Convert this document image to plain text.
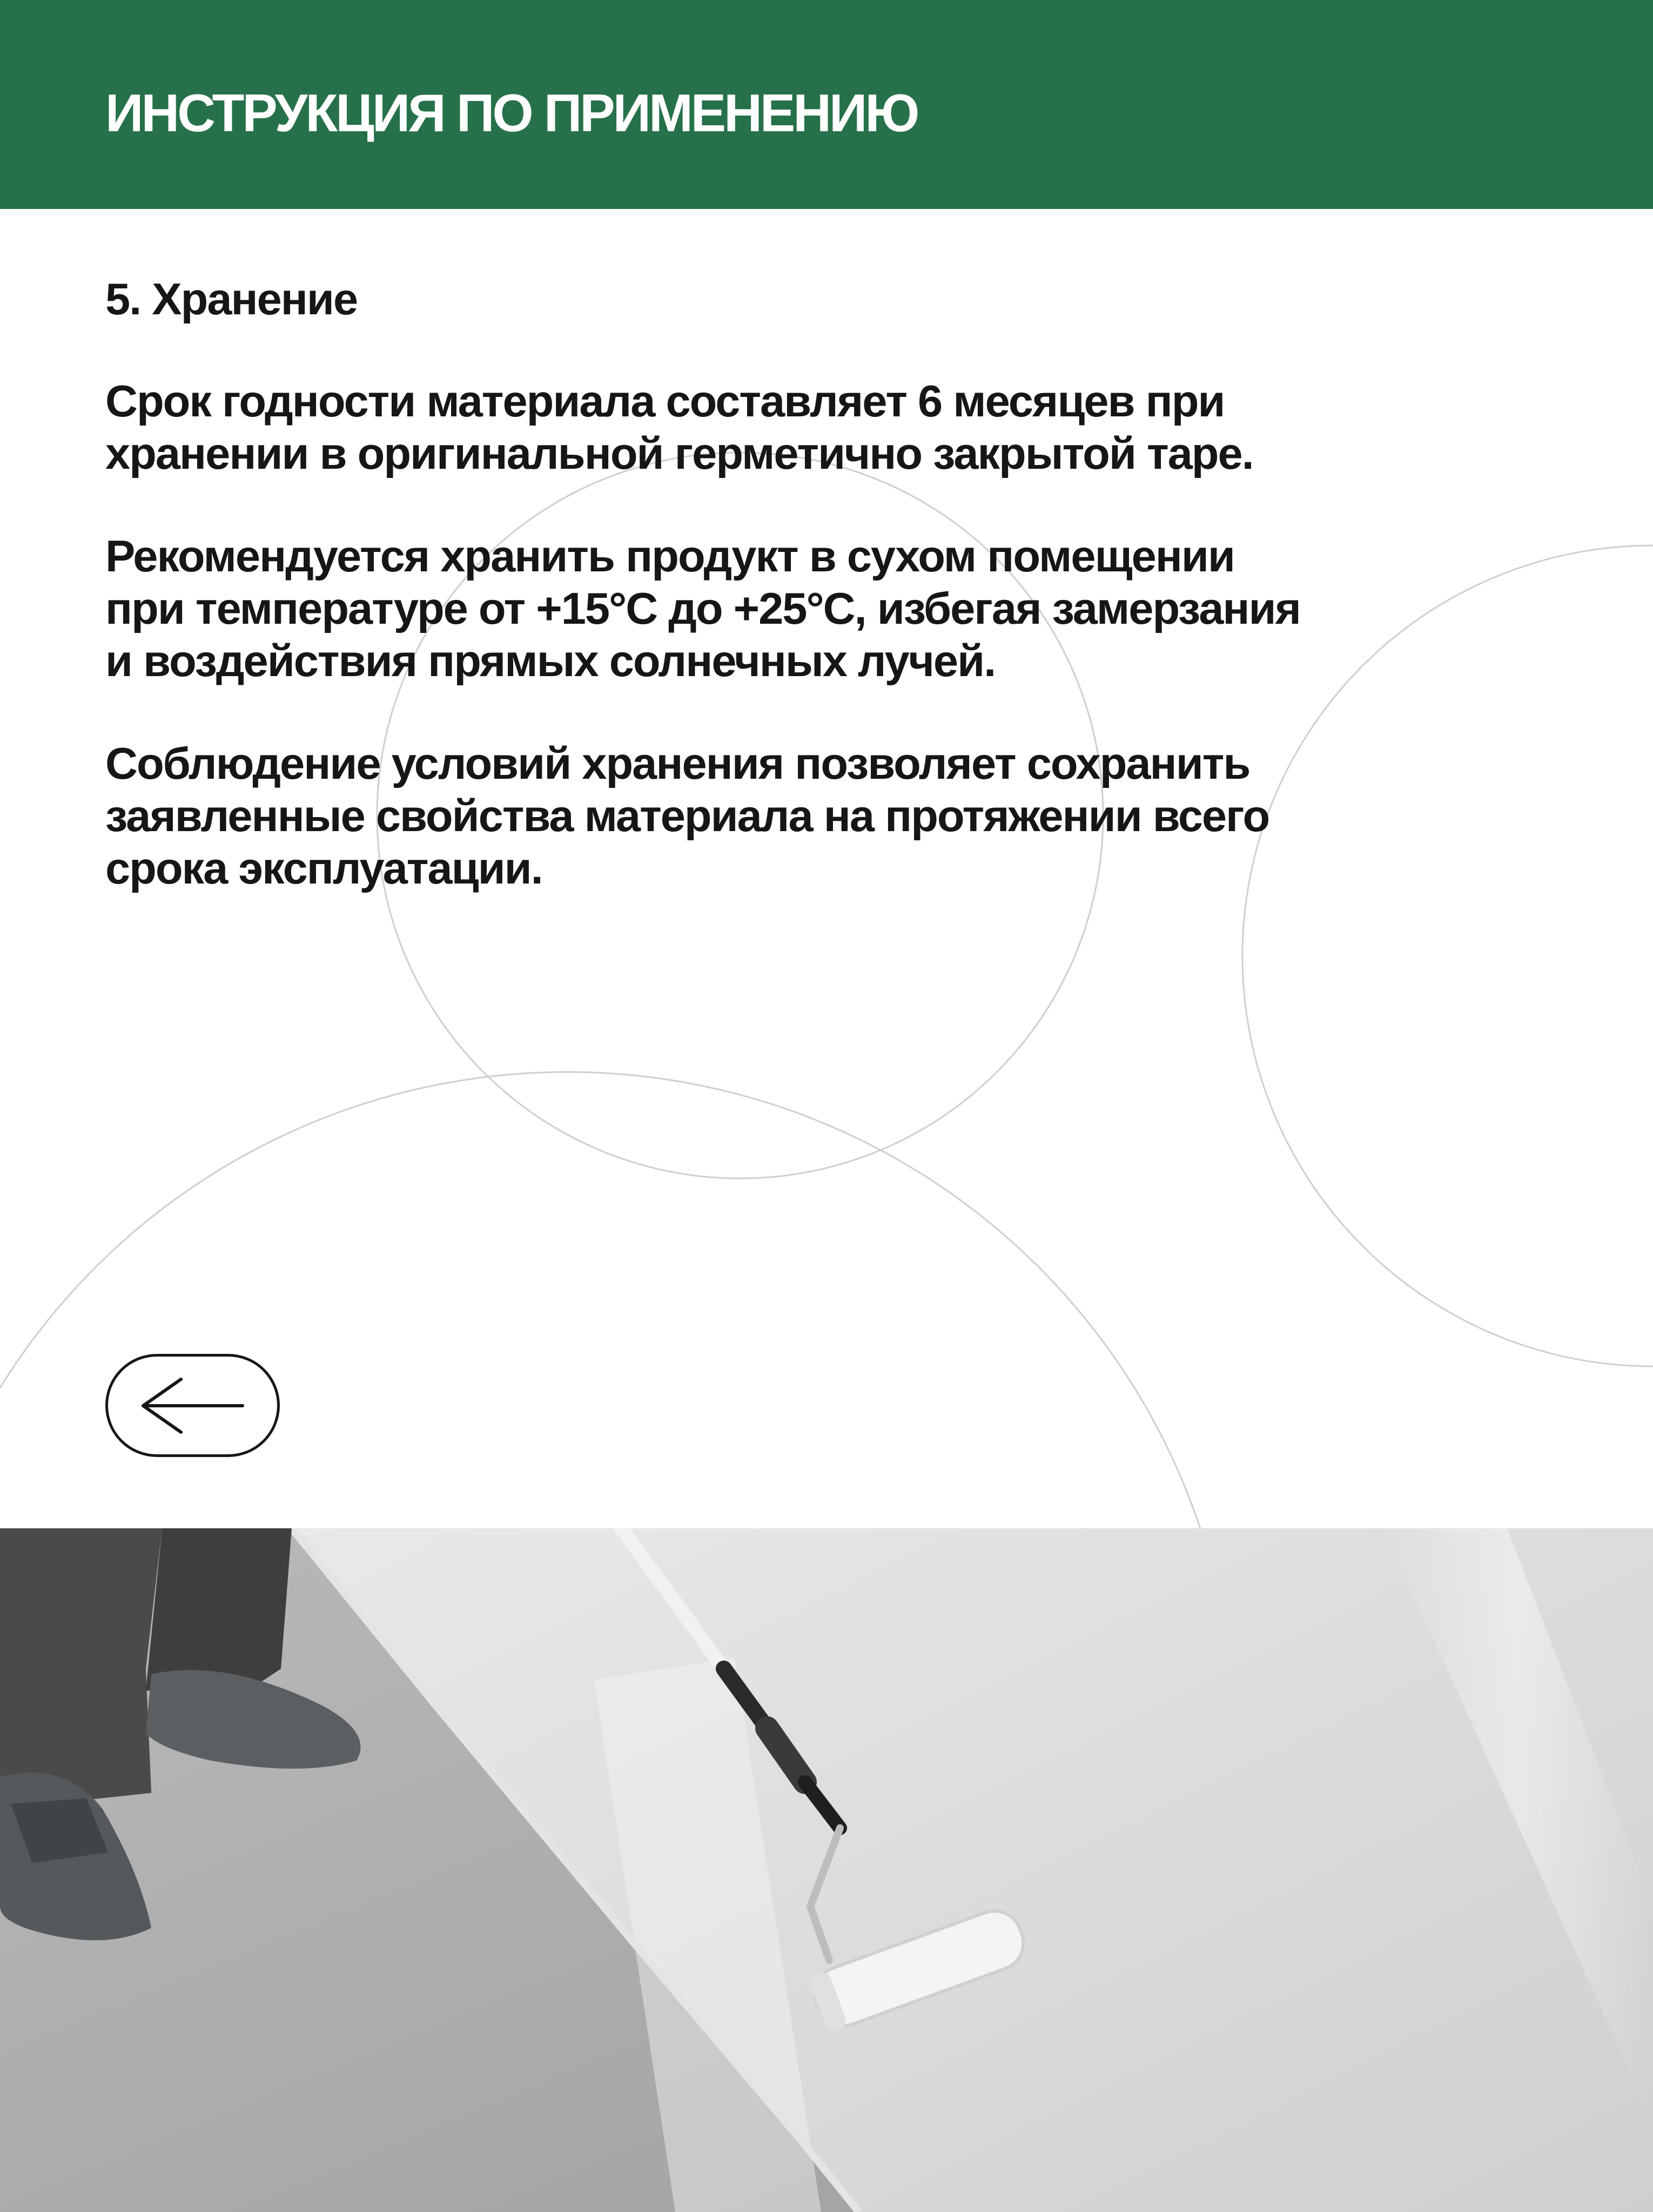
ИНСТРУКЦИЯ ПО ПРИМЕНЕНИЮ
5. Хранение

Срок годности материала составляет 6 месяцев при
хранении в оригинальной герметично закрытой таре.

Рекомендуется хранить продукт в сухом помещении
при температуре от +15°C до +25°C, избегая замерзания
и воздействия прямых солнечных лучей.

Соблюдение условий хранения позволяет сохранить
заявленные свойства материала на протяжении всего
срока эксплуатации.
